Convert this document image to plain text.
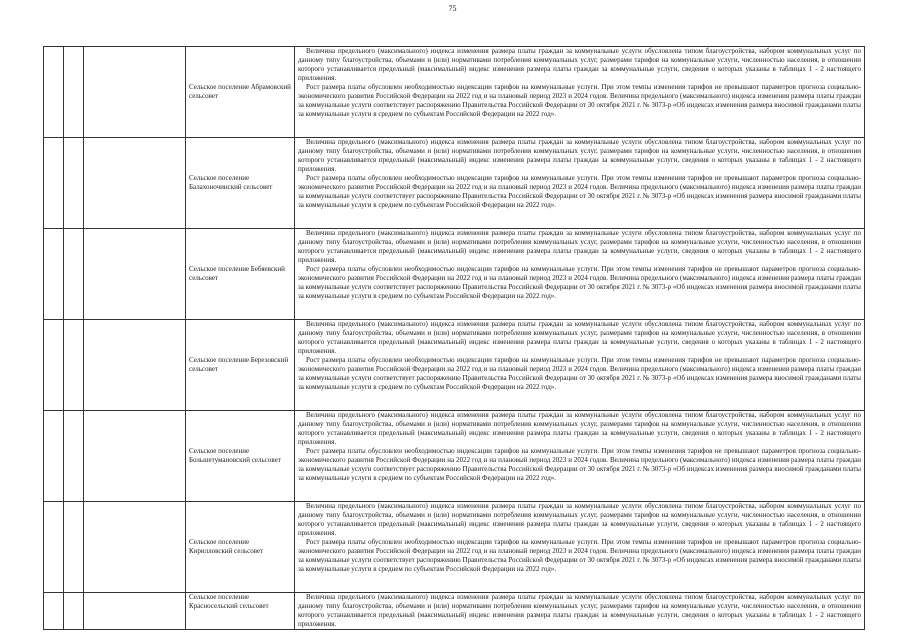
75
			Сельское поселение Абрамовский сельсовет	Величина предельного (максимального) индекса изменения размера платы граждан за коммунальные услуги обусловлена типом благоустройства, набором коммунальных услуг по данному типу благоустройства, объемами и (или) нормативами потребления коммунальных услуг, размерами тарифов на коммунальные услуги, численностью населения, в отношении которого устанавливается предельный (максимальный) индекс изменения размера платы граждан за коммунальные услуги, сведения о которых указаны в таблицах 1 - 2 настоящего приложения.

Рост размера платы обусловлен необходимостью индексации тарифов на коммунальные услуги. При этом темпы изменения тарифов не превышают параметров прогноза социально-экономического развития Российской Федерации на 2022 год и на плановый период 2023 и 2024 годов. Величина предельного (максимального) индекса изменения размера платы граждан за коммунальные услуги соответствует распоряжению Правительства Российской Федерации от 30 октября 2021 г. № 3073-р «Об индексах изменения размера вносимой гражданами платы за коммунальные услуги в среднем по субъектам Российской Федерации на 2022 год».

			Сельское поселение Балахоночинский сельсовет	Величина предельного (максимального) индекса изменения размера платы граждан за коммунальные услуги обусловлена типом благоустройства, набором коммунальных услуг по данному типу благоустройства, объемами и (или) нормативами потребления коммунальных услуг, размерами тарифов на коммунальные услуги, численностью населения, в отношении которого устанавливается предельный (максимальный) индекс изменения размера платы граждан за коммунальные услуги, сведения о которых указаны в таблицах 1 - 2 настоящего приложения.

Рост размера платы обусловлен необходимостью индексации тарифов на коммунальные услуги. При этом темпы изменения тарифов не превышают параметров прогноза социально-экономического развития Российской Федерации на 2022 год и на плановый период 2023 и 2024 годов. Величина предельного (максимального) индекса изменения размера платы граждан за коммунальные услуги соответствует распоряжению Правительства Российской Федерации от 30 октября 2021 г. № 3073-р «Об индексах изменения размера вносимой гражданами платы за коммунальные услуги в среднем по субъектам Российской Федерации на 2022 год».

			Сельское поселение Бебяевский сельсовет	Величина предельного (максимального) индекса изменения размера платы граждан за коммунальные услуги обусловлена типом благоустройства, набором коммунальных услуг по данному типу благоустройства, объемами и (или) нормативами потребления коммунальных услуг, размерами тарифов на коммунальные услуги, численностью населения, в отношении которого устанавливается предельный (максимальный) индекс изменения размера платы граждан за коммунальные услуги, сведения о которых указаны в таблицах 1 - 2 настоящего приложения.

Рост размера платы обусловлен необходимостью индексации тарифов на коммунальные услуги. При этом темпы изменения тарифов не превышают параметров прогноза социально-экономического развития Российской Федерации на 2022 год и на плановый период 2023 и 2024 годов. Величина предельного (максимального) индекса изменения размера платы граждан за коммунальные услуги соответствует распоряжению Правительства Российской Федерации от 30 октября 2021 г. № 3073-р «Об индексах изменения размера вносимой гражданами платы за коммунальные услуги в среднем по субъектам Российской Федерации на 2022 год».

			Сельское поселение Березовский сельсовет	Величина предельного (максимального) индекса изменения размера платы граждан за коммунальные услуги обусловлена типом благоустройства, набором коммунальных услуг по данному типу благоустройства, объемами и (или) нормативами потребления коммунальных услуг, размерами тарифов на коммунальные услуги, численностью населения, в отношении которого устанавливается предельный (максимальный) индекс изменения размера платы граждан за коммунальные услуги, сведения о которых указаны в таблицах 1 - 2 настоящего приложения.

Рост размера платы обусловлен необходимостью индексации тарифов на коммунальные услуги. При этом темпы изменения тарифов не превышают параметров прогноза социально-экономического развития Российской Федерации на 2022 год и на плановый период 2023 и 2024 годов. Величина предельного (максимального) индекса изменения размера платы граждан за коммунальные услуги соответствует распоряжению Правительства Российской Федерации от 30 октября 2021 г. № 3073-р «Об индексах изменения размера вносимой гражданами платы за коммунальные услуги в среднем по субъектам Российской Федерации на 2022 год».

			Сельское поселение Большетумановский сельсовет	Величина предельного (максимального) индекса изменения размера платы граждан за коммунальные услуги обусловлена типом благоустройства, набором коммунальных услуг по данному типу благоустройства, объемами и (или) нормативами потребления коммунальных услуг, размерами тарифов на коммунальные услуги, численностью населения, в отношении которого устанавливается предельный (максимальный) индекс изменения размера платы граждан за коммунальные услуги, сведения о которых указаны в таблицах 1 - 2 настоящего приложения.

Рост размера платы обусловлен необходимостью индексации тарифов на коммунальные услуги. При этом темпы изменения тарифов не превышают параметров прогноза социально-экономического развития Российской Федерации на 2022 год и на плановый период 2023 и 2024 годов. Величина предельного (максимального) индекса изменения размера платы граждан за коммунальные услуги соответствует распоряжению Правительства Российской Федерации от 30 октября 2021 г. № 3073-р «Об индексах изменения размера вносимой гражданами платы за коммунальные услуги в среднем по субъектам Российской Федерации на 2022 год».

			Сельское поселение Кирилловский сельсовет	Величина предельного (максимального) индекса изменения размера платы граждан за коммунальные услуги обусловлена типом благоустройства, набором коммунальных услуг по данному типу благоустройства, объемами и (или) нормативами потребления коммунальных услуг, размерами тарифов на коммунальные услуги, численностью населения, в отношении которого устанавливается предельный (максимальный) индекс изменения размера платы граждан за коммунальные услуги, сведения о которых указаны в таблицах 1 - 2 настоящего приложения.

Рост размера платы обусловлен необходимостью индексации тарифов на коммунальные услуги. При этом темпы изменения тарифов не превышают параметров прогноза социально-экономического развития Российской Федерации на 2022 год и на плановый период 2023 и 2024 годов. Величина предельного (максимального) индекса изменения размера платы граждан за коммунальные услуги соответствует распоряжению Правительства Российской Федерации от 30 октября 2021 г. № 3073-р «Об индексах изменения размера вносимой гражданами платы за коммунальные услуги в среднем по субъектам Российской Федерации на 2022 год».

			Сельское поселение Красносельский сельсовет	Величина предельного (максимального) индекса изменения размера платы граждан за коммунальные услуги обусловлена типом благоустройства, набором коммунальных услуг по данному типу благоустройства, объемами и (или) нормативами потребления коммунальных услуг, размерами тарифов на коммунальные услуги, численностью населения, в отношении которого устанавливается предельный (максимальный) индекс изменения размера платы граждан за коммунальные услуги, сведения о которых указаны в таблицах 1 - 2 настоящего приложения.
